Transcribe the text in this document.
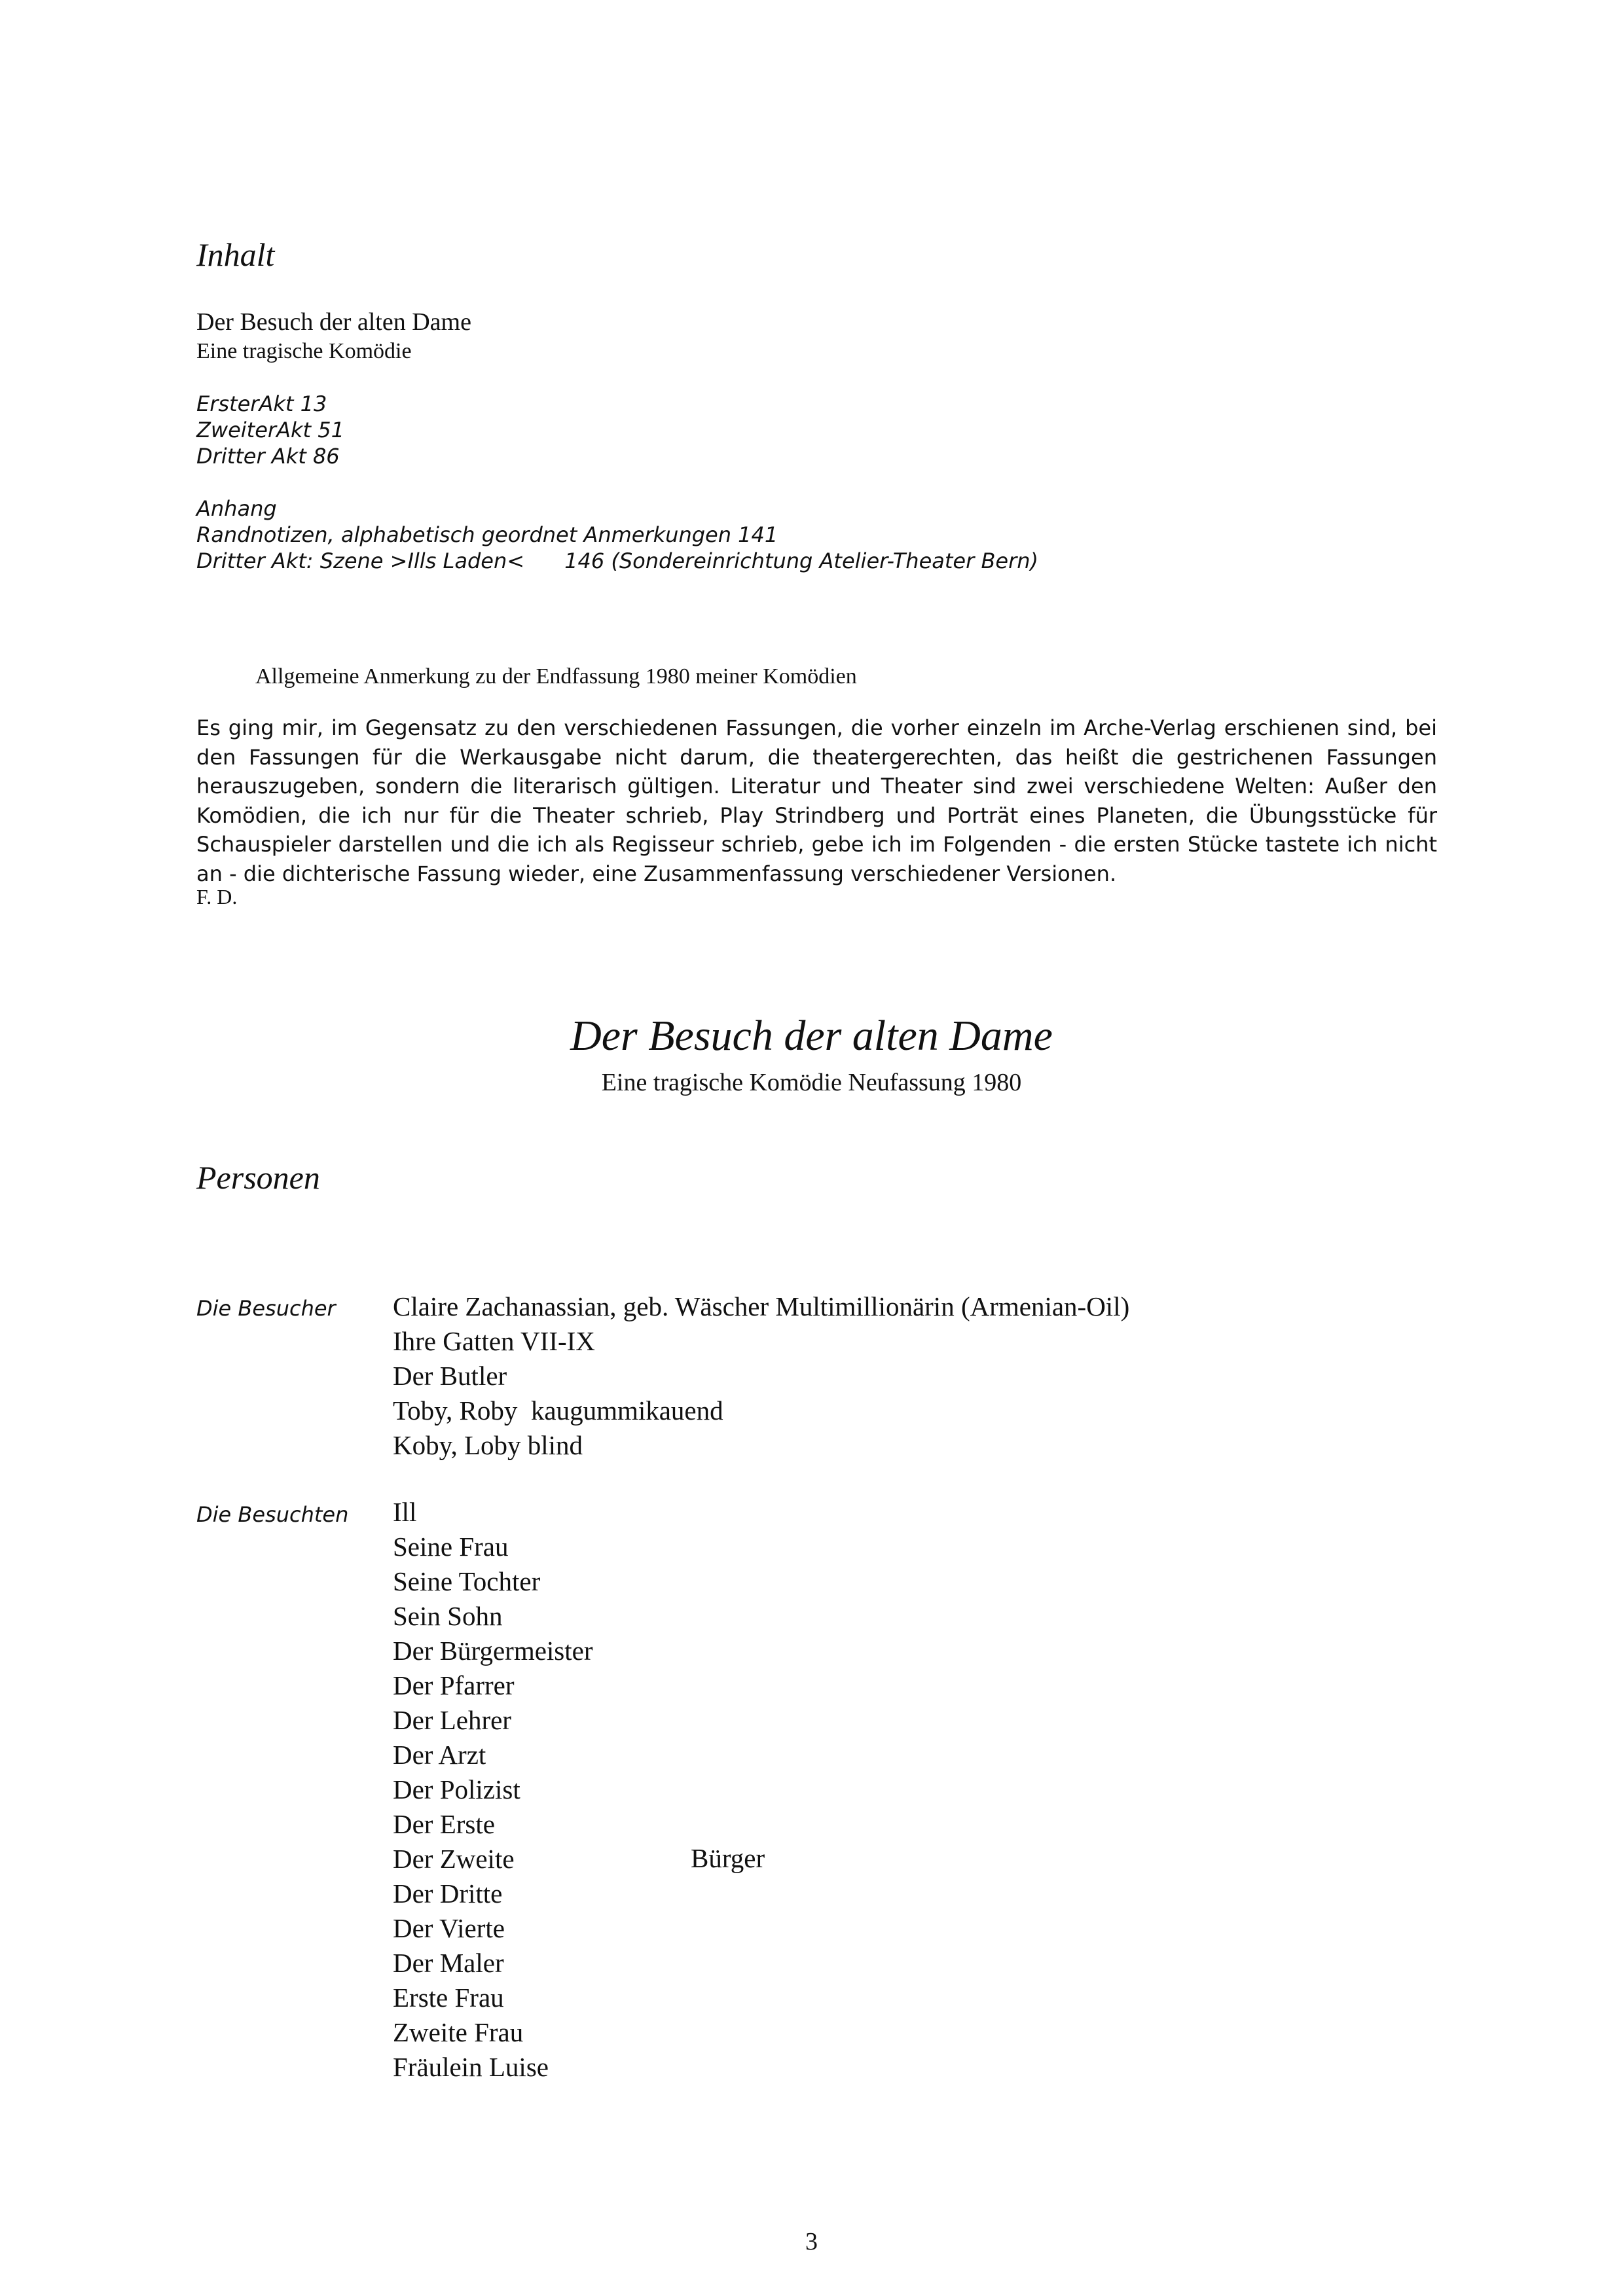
Inhalt
Der Besuch der alten Dame
Eine tragische Komödie
ErsterAkt 13
ZweiterAkt 51
Dritter Akt 86
Anhang
Randnotizen, alphabetisch geordnet Anmerkungen 141
Dritter Akt: Szene >Ills Laden<      146 (Sondereinrichtung Atelier-Theater Bern)
Allgemeine Anmerkung zu der Endfassung 1980 meiner Komödien
Es ging mir, im Gegensatz zu den verschiedenen Fassungen, die vorher einzeln im Arche-Verlag erschienen sind, bei den Fassungen für die Werkausgabe nicht darum, die theatergerechten, das heißt die gestrichenen Fassungen herauszugeben, sondern die literarisch gültigen. Literatur und Theater sind zwei verschiedene Welten: Außer den Komödien, die ich nur für die Theater schrieb, Play Strindberg und Porträt eines Planeten, die Übungsstücke für Schauspieler darstellen und die ich als Regisseur schrieb, gebe ich im Folgenden - die ersten Stücke tastete ich nicht an - die dichterische Fassung wieder, eine Zusammenfassung verschiedener Versionen.
F. D.
Der Besuch der alten Dame
Eine tragische Komödie Neufassung 1980
Personen
Die Besucher Claire Zachanassian, geb. Wäscher Multimillionärin (Armenian-Oil)
Ihre Gatten VII-IX
Der Butler
Toby, Roby  kaugummikauend
Koby, Loby blind
Die Besuchten Ill
Seine Frau
Seine Tochter
Sein Sohn
Der Bürgermeister
Der Pfarrer
Der Lehrer
Der Arzt
Der Polizist
Der Erste
Der Zweite
Der Dritte
Der Vierte
Der Maler
Erste Frau
Zweite Frau
Fräulein Luise
Bürger
3
